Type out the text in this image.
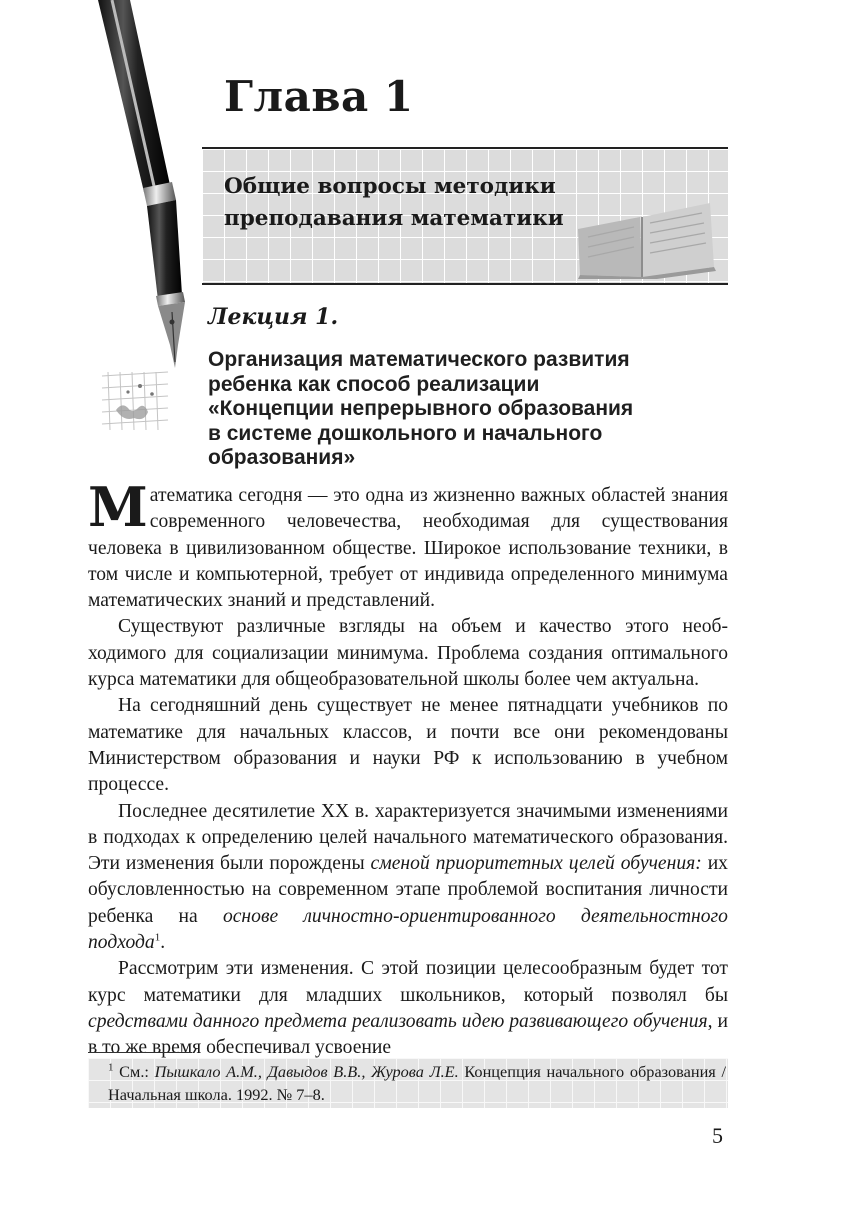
Глава 1
Общие вопросы методики
преподавания математики

Лекция 1.

Организация математического развития
ребенка как способ реализации
«Концепции непрерывного образования
в системе дошкольного и начального
образования»

Математика сегодня — это одна из жизненно важных областей знания современного человечества, необходимая для существования человека в цивилизованном обществе. Широкое использование техники, в том числе и компьютерной, требует от индивида определенного минимума математических знаний и представлений.

Существуют различные взгляды на объем и качество этого необходимого для социализации минимума. Проблема создания оптимального курса математики для общеобразовательной школы более чем актуальна.

На сегодняшний день существует не менее пятнадцати учебников по математике для начальных классов, и почти все они рекомендованы Министерством образования и науки РФ к использованию в учебном процессе.

Последнее десятилетие XX в. характеризуется значимыми изменениями в подходах к определению целей начального математического образования. Эти изменения были порождены сменой приоритетных целей обучения: их обусловленностью на современном этапе проблемой воспитания личности ребенка на основе личностно-ориентированного деятельностного подхода$^1$.

Рассмотрим эти изменения. С этой позиции целесообразным будет тот курс математики для младших школьников, который позволял бы средствами данного предмета реализовать идею развивающего обучения, и в то же время обеспечивал усвоение

$^1$ См.: Пышкало А.М., Давыдов В.В., Журова Л.Е. Концепция начального образования / Начальная школа. 1992. № 7–8.

5
